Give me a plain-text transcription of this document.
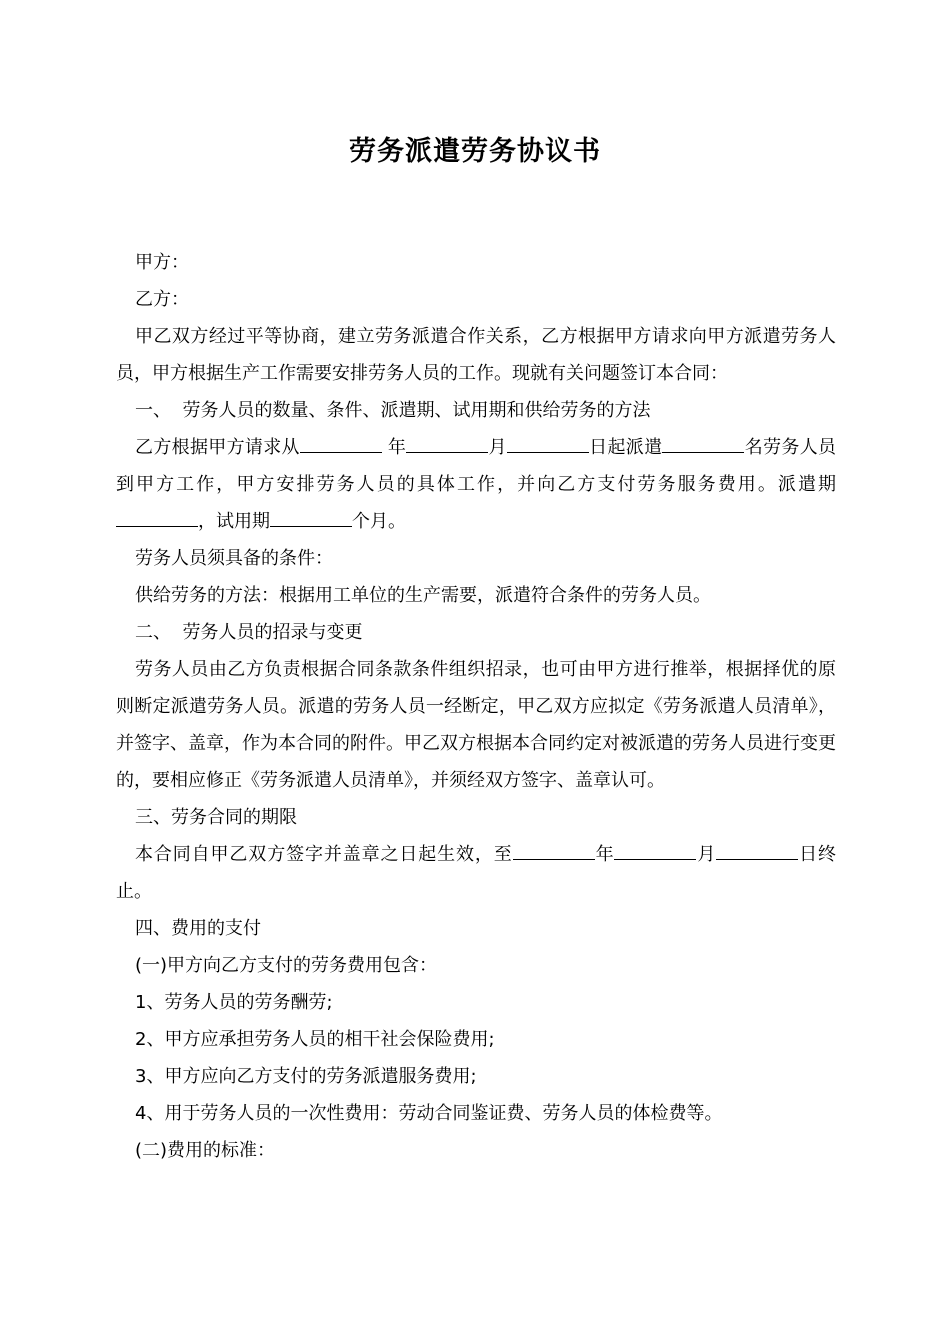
劳务派遣劳务协议书

甲方：

乙方：

甲乙双方经过平等协商，建立劳务派遣合作关系，乙方根据甲方请求向甲方派遣劳务人员，甲方根据生产工作需要安排劳务人员的工作。现就有关问题签订本合同：

一、  劳务人员的数量、条件、派遣期、试用期和供给劳务的方法

乙方根据甲方请求从	年	月	日起派遣	名劳务人员到甲方工作，甲方安排劳务人员的具体工作，并向乙方支付劳务服务费用。派遣期，试用期	个月。

劳务人员须具备的条件：

供给劳务的方法：根据用工单位的生产需要，派遣符合条件的劳务人员。

二、  劳务人员的招录与变更

劳务人员由乙方负责根据合同条款条件组织招录，也可由甲方进行推举，根据择优的原则断定派遣劳务人员。派遣的劳务人员一经断定，甲乙双方应拟定《劳务派遣人员清单》，并签字、盖章，作为本合同的附件。甲乙双方根据本合同约定对被派遣的劳务人员进行变更的，要相应修正《劳务派遣人员清单》，并须经双方签字、盖章认可。

三、劳务合同的期限

本合同自甲乙双方签字并盖章之日起生效，至	年	月	日终止。

四、费用的支付

(一)甲方向乙方支付的劳务费用包含：

1、劳务人员的劳务酬劳;

2、甲方应承担劳务人员的相干社会保险费用;

3、甲方应向乙方支付的劳务派遣服务费用;

4、用于劳务人员的一次性费用：劳动合同鉴证费、劳务人员的体检费等。

(二)费用的标准：
